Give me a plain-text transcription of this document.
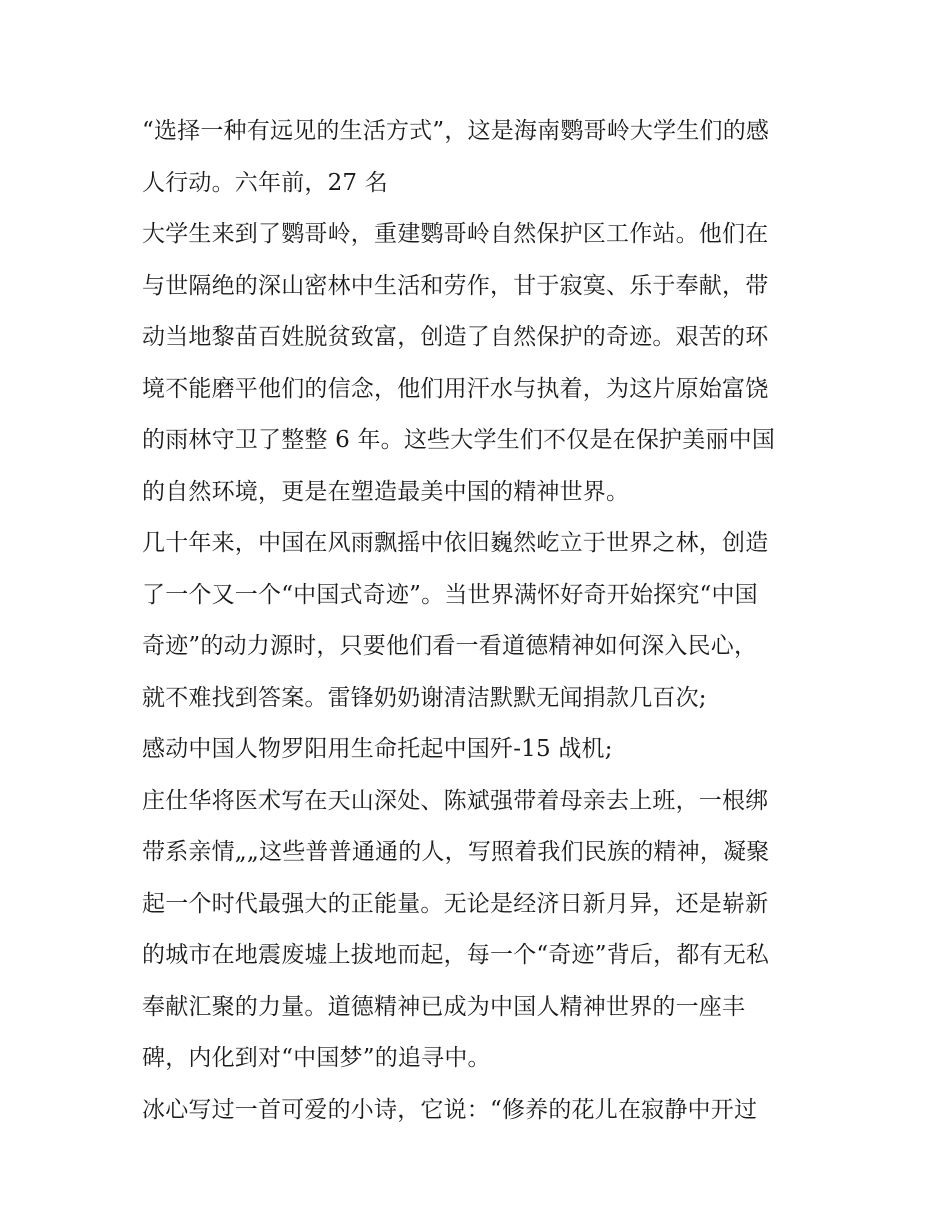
“选择一种有远见的生活方式”，这是海南鹦哥岭大学生们的感
人行动。六年前，27 名
大学生来到了鹦哥岭，重建鹦哥岭自然保护区工作站。他们在
与世隔绝的深山密林中生活和劳作，甘于寂寞、乐于奉献，带
动当地黎苗百姓脱贫致富，创造了自然保护的奇迹。艰苦的环
境不能磨平他们的信念，他们用汗水与执着，为这片原始富饶
的雨林守卫了整整 6 年。这些大学生们不仅是在保护美丽中国
的自然环境，更是在塑造最美中国的精神世界。
几十年来，中国在风雨飘摇中依旧巍然屹立于世界之林，创造
了一个又一个“中国式奇迹”。当世界满怀好奇开始探究“中国
奇迹”的动力源时，只要他们看一看道德精神如何深入民心，
就不难找到答案。雷锋奶奶谢清洁默默无闻捐款几百次;
感动中国人物罗阳用生命托起中国歼-15 战机;
庄仕华将医术写在天山深处、陈斌强带着母亲去上班，一根绑
带系亲情„„这些普普通通的人，写照着我们民族的精神，凝聚
起一个时代最强大的正能量。无论是经济日新月异，还是崭新
的城市在地震废墟上拔地而起，每一个“奇迹”背后，都有无私
奉献汇聚的力量。道德精神已成为中国人精神世界的一座丰
碑，内化到对“中国梦”的追寻中。
冰心写过一首可爱的小诗，它说：“修养的花儿在寂静中开过
